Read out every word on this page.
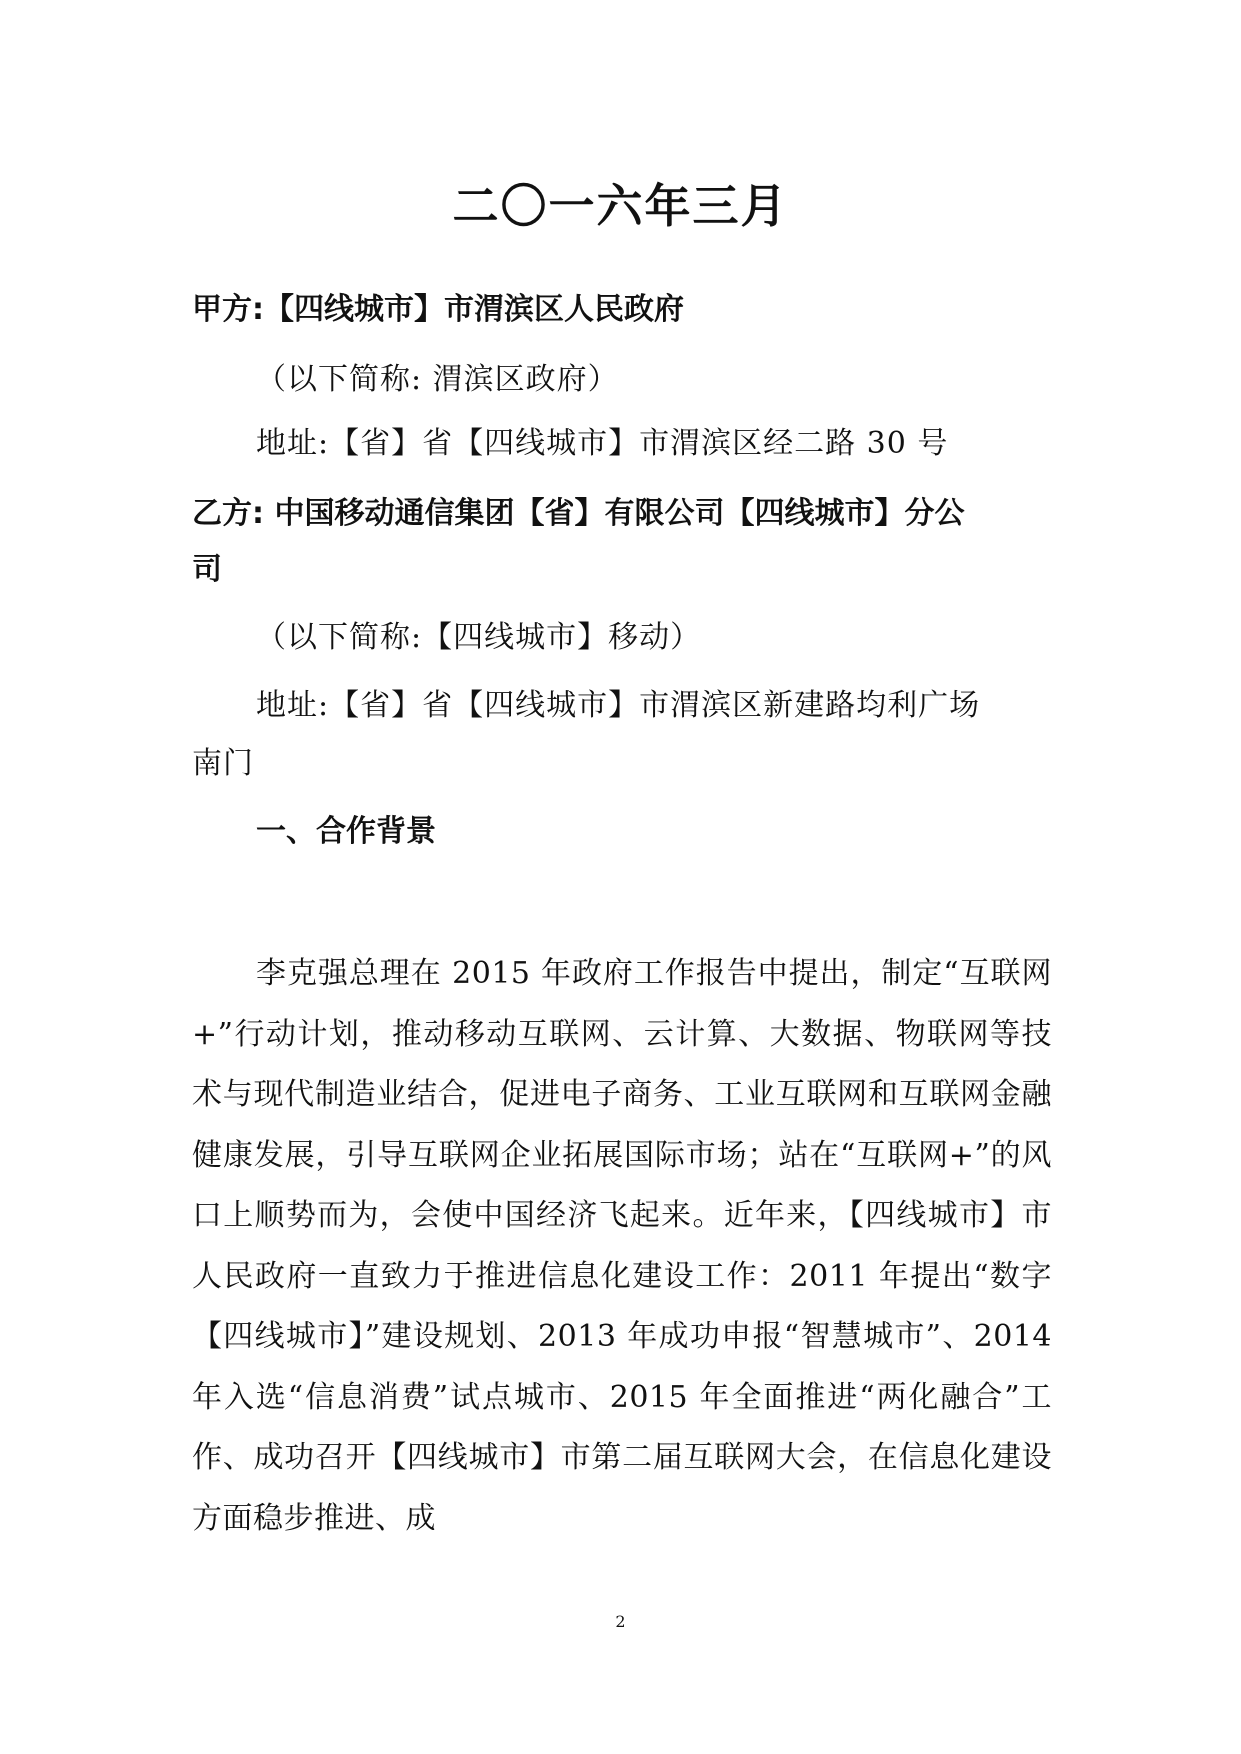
二〇一六年三月
甲方:【四线城市】市渭滨区人民政府
（以下简称: 渭滨区政府）
地址:【省】省【四线城市】市渭滨区经二路 30 号
乙方: 中国移动通信集团【省】有限公司【四线城市】分公
司
（以下简称:【四线城市】移动）
地址:【省】省【四线城市】市渭滨区新建路均利广场
南门
一、合作背景
李克强总理在 2015 年政府工作报告中提出，制定“互联网+”行动计划，推动移动互联网、云计算、大数据、物联网等技术与现代制造业结合，促进电子商务、工业互联网和互联网金融健康发展，引导互联网企业拓展国际市场；站在“互联网+”的风口上顺势而为，会使中国经济飞起来。近年来，【四线城市】市人民政府一直致力于推进信息化建设工作：2011 年提出“数字【四线城市】”建设规划、2013 年成功申报“智慧城市”、2014 年入选“信息消费”试点城市、2015 年全面推进“两化融合”工作、成功召开【四线城市】市第二届互联网大会，在信息化建设方面稳步推进、成
2
